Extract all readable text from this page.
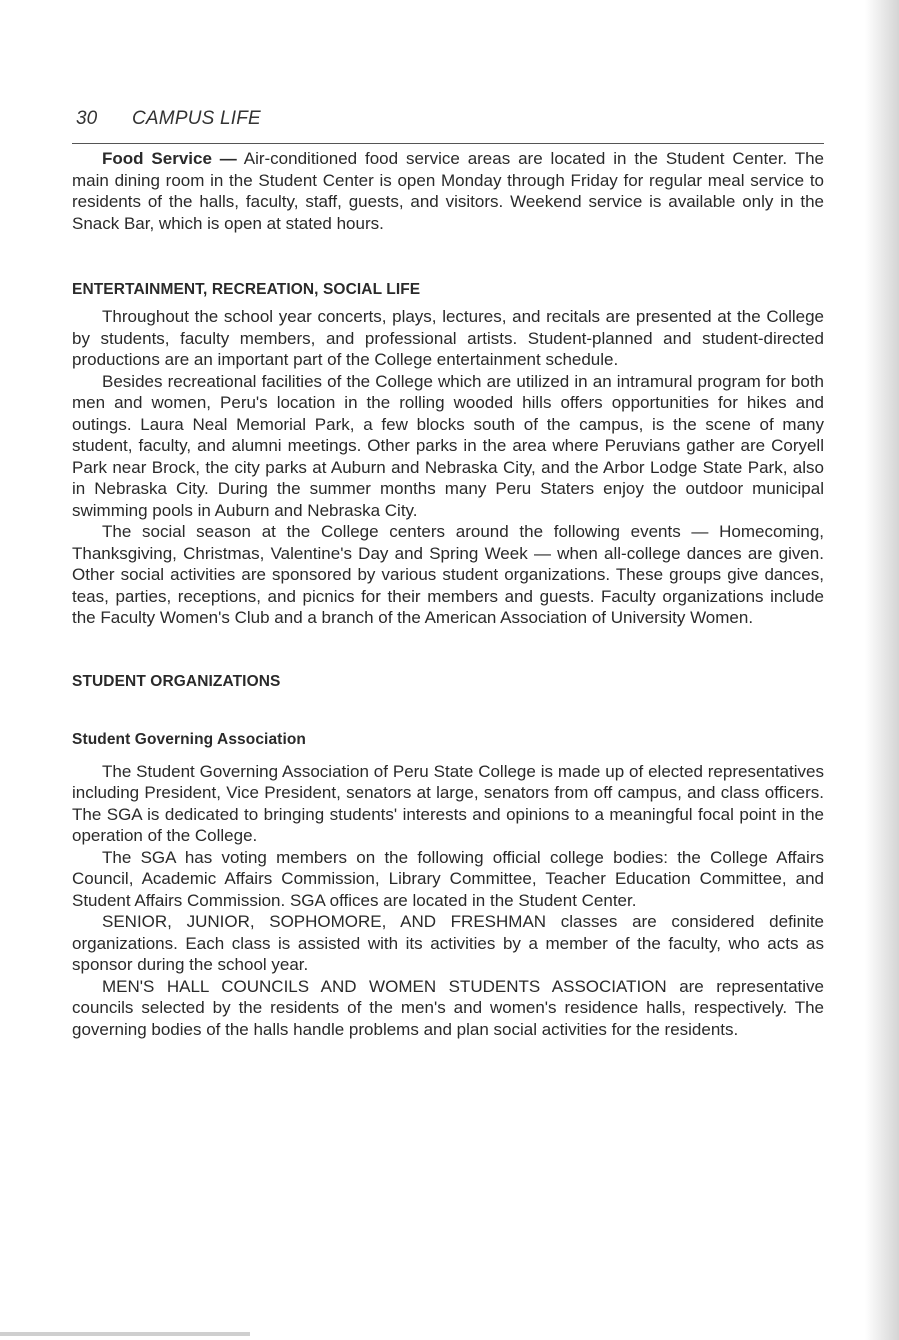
30	CAMPUS LIFE

Food Service — Air-conditioned food service areas are located in the Student Center. The main dining room in the Student Center is open Monday through Friday for regular meal service to residents of the halls, faculty, staff, guests, and visitors. Weekend service is available only in the Snack Bar, which is open at stated hours.

ENTERTAINMENT, RECREATION, SOCIAL LIFE

Throughout the school year concerts, plays, lectures, and recitals are presented at the College by students, faculty members, and professional artists. Student-planned and student-directed productions are an important part of the College entertainment schedule.

Besides recreational facilities of the College which are utilized in an intramural program for both men and women, Peru's location in the rolling wooded hills offers opportunities for hikes and outings. Laura Neal Memorial Park, a few blocks south of the campus, is the scene of many student, faculty, and alumni meetings. Other parks in the area where Peruvians gather are Coryell Park near Brock, the city parks at Auburn and Nebraska City, and the Arbor Lodge State Park, also in Nebraska City. During the summer months many Peru Staters enjoy the outdoor municipal swimming pools in Auburn and Nebraska City.

The social season at the College centers around the following events — Homecoming, Thanksgiving, Christmas, Valentine's Day and Spring Week — when all-college dances are given. Other social activities are sponsored by various student organizations. These groups give dances, teas, parties, receptions, and picnics for their members and guests. Faculty organizations include the Faculty Women's Club and a branch of the American Association of University Women.

STUDENT ORGANIZATIONS
Student Governing Association

The Student Governing Association of Peru State College is made up of elected representatives including President, Vice President, senators at large, senators from off campus, and class officers. The SGA is dedicated to bringing students' interests and opinions to a meaningful focal point in the operation of the College.

The SGA has voting members on the following official college bodies: the College Affairs Council, Academic Affairs Commission, Library Committee, Teacher Education Committee, and Student Affairs Commission. SGA offices are located in the Student Center.

SENIOR, JUNIOR, SOPHOMORE, AND FRESHMAN classes are considered definite organizations. Each class is assisted with its activities by a member of the faculty, who acts as sponsor during the school year.

MEN'S HALL COUNCILS AND WOMEN STUDENTS ASSOCIATION are representative councils selected by the residents of the men's and women's residence halls, respectively. The governing bodies of the halls handle problems and plan social activities for the residents.
